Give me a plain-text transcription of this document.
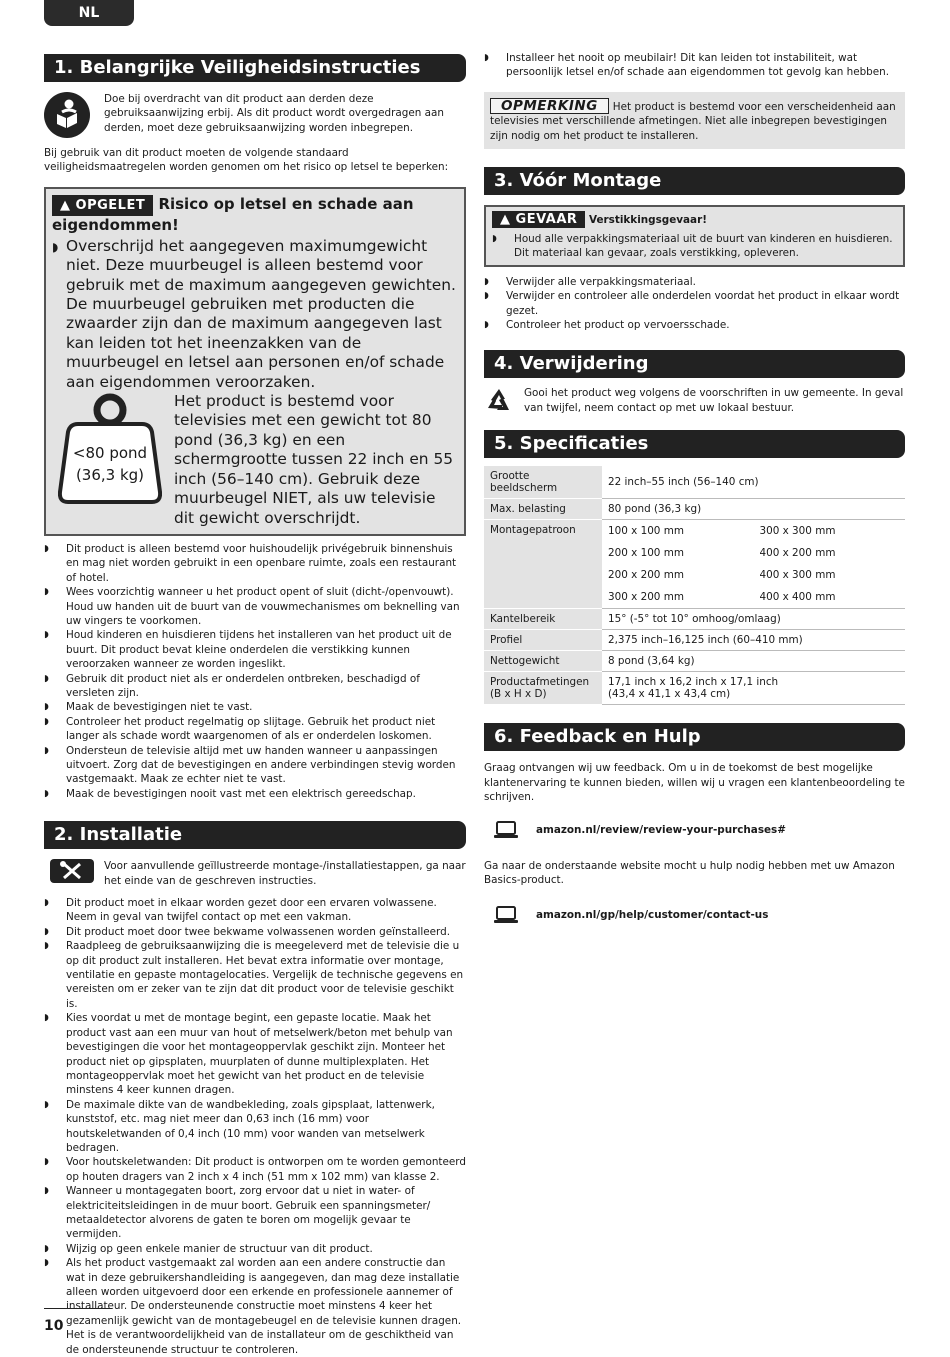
NL
1. Belangrijke Veiligheidsinstructies
Doe bij overdracht van dit product aan derden deze gebruiksaanwijzing erbij. Als dit product wordt overgedragen aan derden, moet deze gebruiksaanwijzing worden inbegrepen.
Bij gebruik van dit product moeten de volgende standaard veiligheidsmaatregelen worden genomen om het risico op letsel te beperken:
▲ OPGELET Risico op letsel en schade aan eigendommen!
◗ Overschrijd het aangegeven maximumgewicht niet. Deze muurbeugel is alleen bestemd voor gebruik met de maximum aangegeven gewichten. De muurbeugel gebruiken met producten die zwaarder zijn dan de maximum aangegeven last kan leiden tot het ineenzakken van de muurbeugel en letsel aan personen en/of schade aan eigendommen veroorzaken.
<80 pond
(36,3 kg)
Het product is bestemd voor televisies met een gewicht tot 80 pond (36,3 kg) en een schermgrootte tussen 22 inch en 55 inch (56–140 cm). Gebruik deze muurbeugel NIET, als uw televisie dit gewicht overschrijdt.
◗ Dit product is alleen bestemd voor huishoudelijk privégebruik binnenshuis en mag niet worden gebruikt in een openbare ruimte, zoals een restaurant of hotel.
◗ Wees voorzichtig wanneer u het product opent of sluit (dicht-/openvouwt). Houd uw handen uit de buurt van de vouwmechanismes om beknelling van uw vingers te voorkomen.
◗ Houd kinderen en huisdieren tijdens het installeren van het product uit de buurt. Dit product bevat kleine onderdelen die verstikking kunnen veroorzaken wanneer ze worden ingeslikt.
◗ Gebruik dit product niet als er onderdelen ontbreken, beschadigd of versleten zijn.
◗ Maak de bevestigingen niet te vast.
◗ Controleer het product regelmatig op slijtage. Gebruik het product niet langer als schade wordt waargenomen of als er onderdelen loskomen.
◗ Ondersteun de televisie altijd met uw handen wanneer u aanpassingen uitvoert. Zorg dat de bevestigingen en andere verbindingen stevig worden vastgemaakt. Maak ze echter niet te vast.
◗ Maak de bevestigingen nooit vast met een elektrisch gereedschap.
2. Installatie
Voor aanvullende geïllustreerde montage-/installatiestappen, ga naar het einde van de geschreven instructies.
◗ Dit product moet in elkaar worden gezet door een ervaren volwassene. Neem in geval van twijfel contact op met een vakman.
◗ Dit product moet door twee bekwame volwassenen worden geïnstalleerd.
◗ Raadpleeg de gebruiksaanwijzing die is meegeleverd met de televisie die u op dit product zult installeren. Het bevat extra informatie over montage, ventilatie en gepaste montagelocaties. Vergelijk de technische gegevens en vereisten om er zeker van te zijn dat dit product voor de televisie geschikt is.
◗ Kies voordat u met de montage begint, een gepaste locatie. Maak het product vast aan een muur van hout of metselwerk/beton met behulp van bevestigingen die voor het montageoppervlak geschikt zijn. Monteer het product niet op gipsplaten, muurplaten of dunne multiplexplaten. Het montageoppervlak moet het gewicht van het product en de televisie minstens 4 keer kunnen dragen.
◗ De maximale dikte van de wandbekleding, zoals gipsplaat, lattenwerk, kunststof, etc. mag niet meer dan 0,63 inch (16 mm) voor houtskeletwanden of 0,4 inch (10 mm) voor wanden van metselwerk bedragen.
◗ Voor houtskeletwanden: Dit product is ontworpen om te worden gemonteerd op houten dragers van 2 inch x 4 inch (51 mm x 102 mm) van klasse 2.
◗ Wanneer u montagegaten boort, zorg ervoor dat u niet in water- of elektriciteitsleidingen in de muur boort. Gebruik een spanningsmeter/ metaaldetector alvorens de gaten te boren om mogelijk gevaar te vermijden.
◗ Wijzig op geen enkele manier de structuur van dit product.
◗ Als het product vastgemaakt zal worden aan een andere constructie dan wat in deze gebruikershandleiding is aangegeven, dan mag deze installatie alleen worden uitgevoerd door een erkende en professionele aannemer of installateur. De ondersteunende constructie moet minstens 4 keer het gezamenlijk gewicht van de montagebeugel en de televisie kunnen dragen. Het is de verantwoordelijkheid van de installateur om de geschiktheid van de ondersteunende structuur te controleren.
◗ Installeer het nooit op meubilair! Dit kan leiden tot instabiliteit, wat persoonlijk letsel en/of schade aan eigendommen tot gevolg kan hebben.
OPMERKING Het product is bestemd voor een verscheidenheid aan televisies met verschillende afmetingen. Niet alle inbegrepen bevestigingen zijn nodig om het product te installeren.
3. Vóór Montage
▲ GEVAAR Verstikkingsgevaar!
◗ Houd alle verpakkingsmateriaal uit de buurt van kinderen en huisdieren. Dit materiaal kan gevaar, zoals verstikking, opleveren.
◗ Verwijder alle verpakkingsmateriaal.
◗ Verwijder en controleer alle onderdelen voordat het product in elkaar wordt gezet.
◗ Controleer het product op vervoersschade.
4. Verwijdering
Gooi het product weg volgens de voorschriften in uw gemeente. In geval van twijfel, neem contact op met uw lokaal bestuur.
5. Specificaties
Grootte beeldscherm	22 inch–55 inch (56–140 cm)	
Max. belasting	80 pond (36,3 kg)	
Montagepatroon	100 x 100 mm	300 x 300 mm
	200 x 100 mm	400 x 200 mm
	200 x 200 mm	400 x 300 mm
	300 x 200 mm	400 x 400 mm
Kantelbereik	15° (-5° tot 10° omhoog/omlaag)	
Profiel	2,375 inch–16,125 inch (60–410 mm)	
Nettogewicht	8 pond (3,64 kg)	
Productafmetingen (B x H x D)	17,1 inch x 16,2 inch x 17,1 inch
(43,4 x 41,1 x 43,4 cm)	
6. Feedback en Hulp
Graag ontvangen wij uw feedback. Om u in de toekomst de best mogelijke klantenervaring te kunnen bieden, willen wij u vragen een klantenbeoordeling te schrijven.
amazon.nl/review/review-your-purchases#
Ga naar de onderstaande website mocht u hulp nodig hebben met uw Amazon Basics-product.
amazon.nl/gp/help/customer/contact-us
10
